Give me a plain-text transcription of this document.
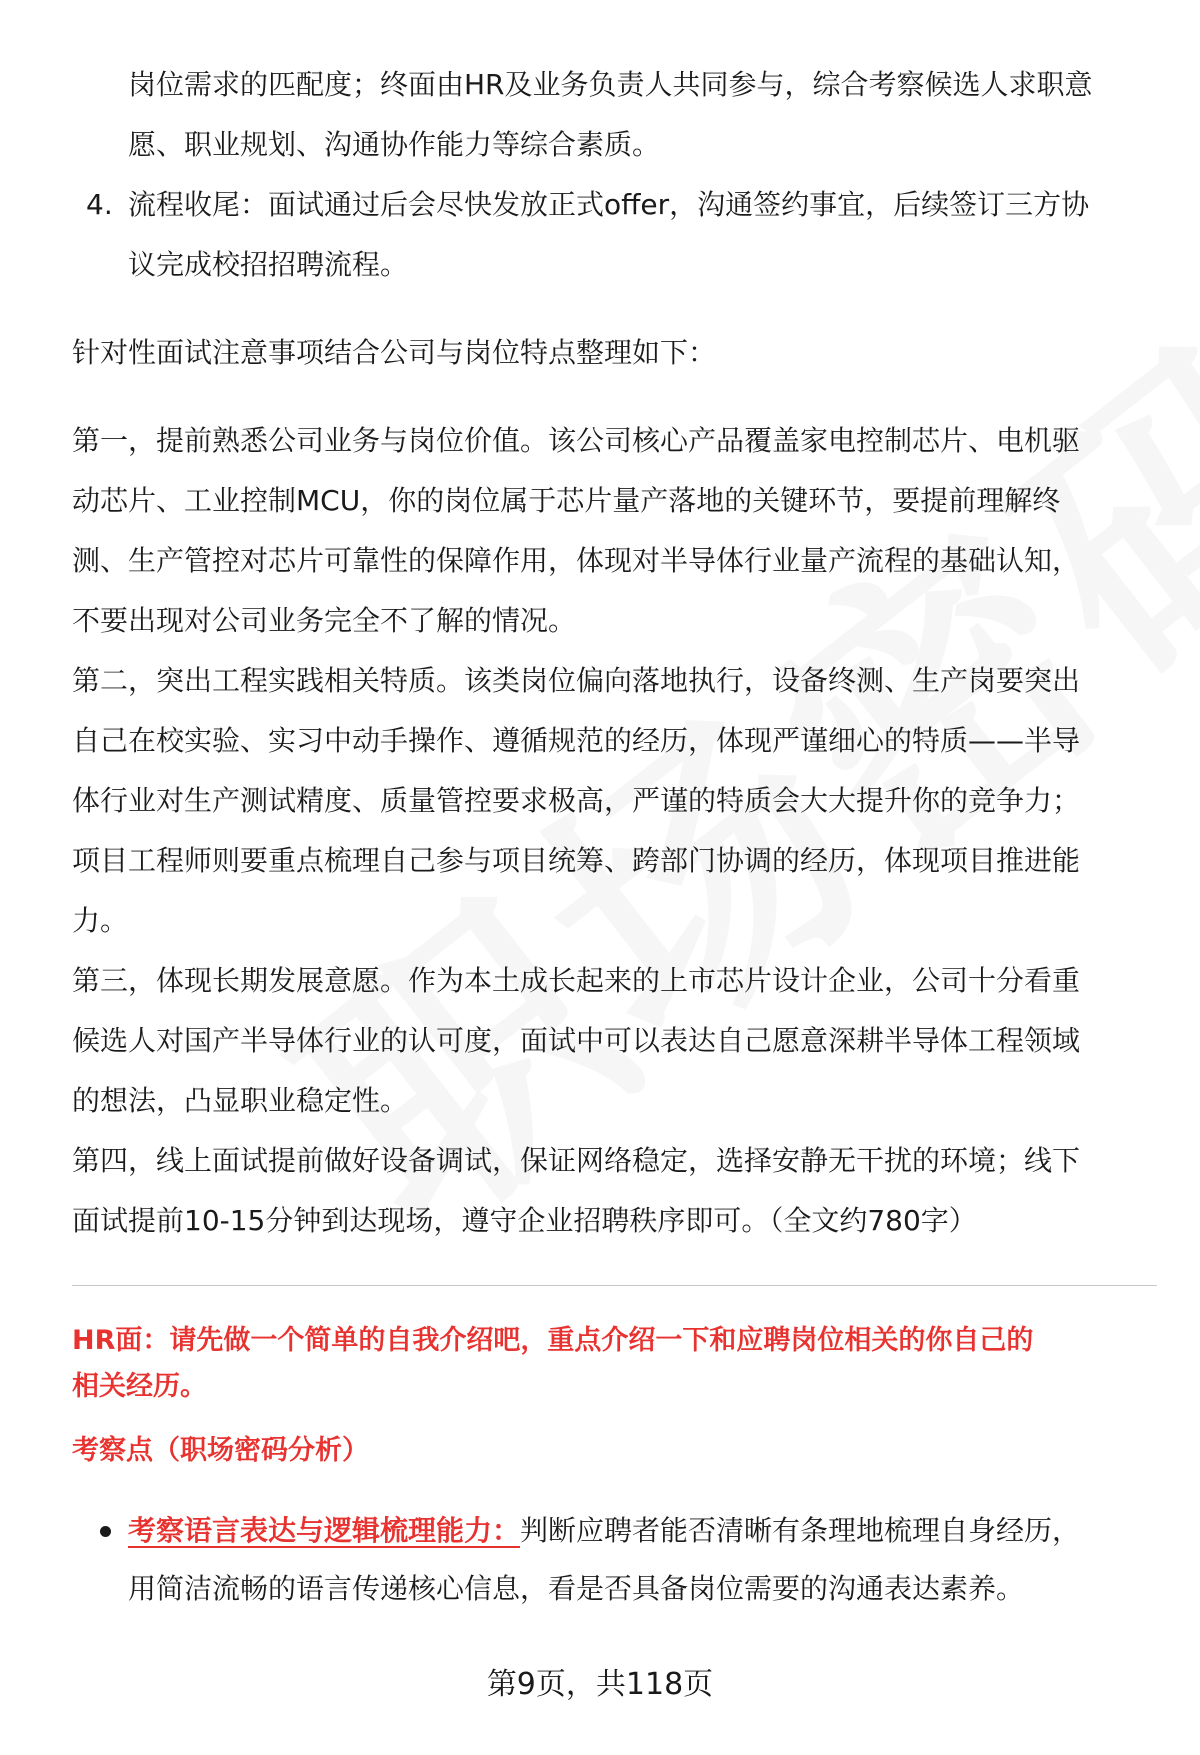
岗位需求的匹配度；终面由HR及业务负责人共同参与，综合考察候选人求职意
愿、职业规划、沟通协作能力等综合素质。
4. 流程收尾：面试通过后会尽快发放正式offer，沟通签约事宜，后续签订三方协
议完成校招招聘流程。

针对性面试注意事项结合公司与岗位特点整理如下：

第一，提前熟悉公司业务与岗位价值。该公司核心产品覆盖家电控制芯片、电机驱
动芯片、工业控制MCU，你的岗位属于芯片量产落地的关键环节，要提前理解终
测、生产管控对芯片可靠性的保障作用，体现对半导体行业量产流程的基础认知，
不要出现对公司业务完全不了解的情况。
第二，突出工程实践相关特质。该类岗位偏向落地执行，设备终测、生产岗要突出
自己在校实验、实习中动手操作、遵循规范的经历，体现严谨细心的特质——半导
体行业对生产测试精度、质量管控要求极高，严谨的特质会大大提升你的竞争力；
项目工程师则要重点梳理自己参与项目统筹、跨部门协调的经历，体现项目推进能
力。
第三，体现长期发展意愿。作为本土成长起来的上市芯片设计企业，公司十分看重
候选人对国产半导体行业的认可度，面试中可以表达自己愿意深耕半导体工程领域
的想法，凸显职业稳定性。
第四，线上面试提前做好设备调试，保证网络稳定，选择安静无干扰的环境；线下
面试提前10-15分钟到达现场，遵守企业招聘秩序即可。（全文约780字）
HR面：请先做一个简单的自我介绍吧，重点介绍一下和应聘岗位相关的你自己的
相关经历。
考察点（职场密码分析）
考察语言表达与逻辑梳理能力：判断应聘者能否清晰有条理地梳理自身经历，
用简洁流畅的语言传递核心信息，看是否具备岗位需要的沟通表达素养。
第9页，共118页
